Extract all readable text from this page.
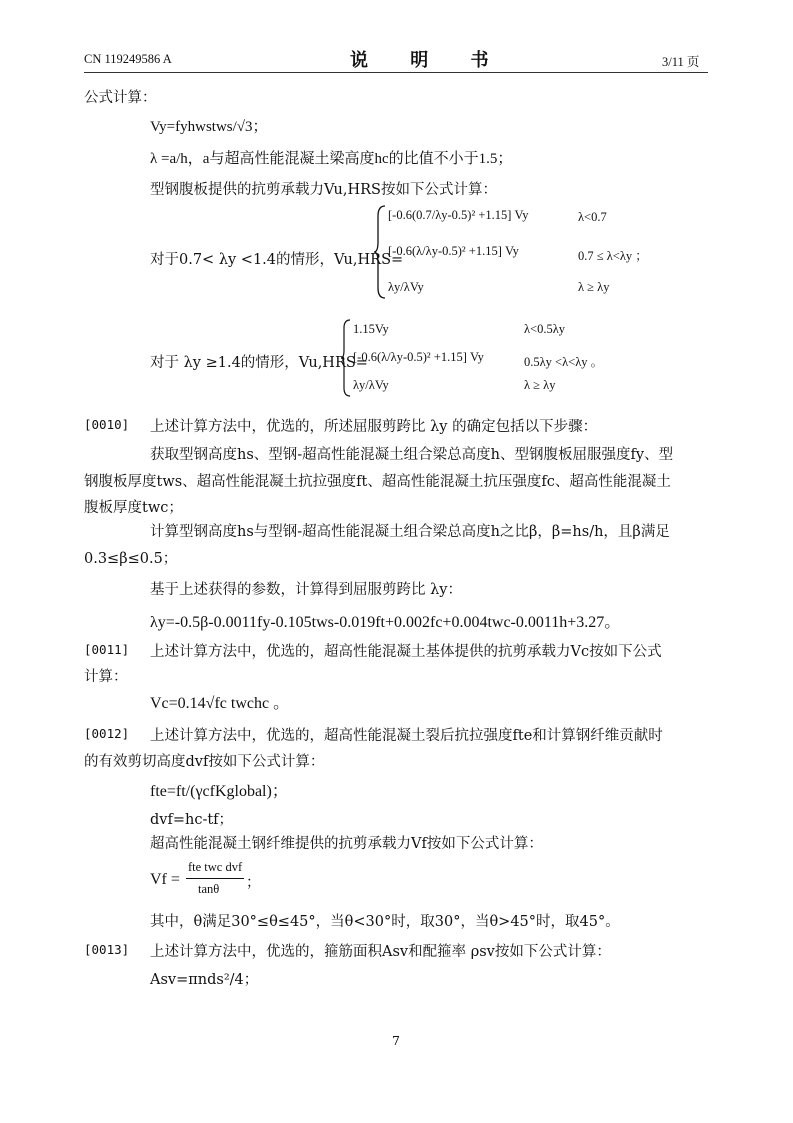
CN 119249586 A	说 明 书	3/11 页
公式计算：
Vy=fyhwstws/√3；
λ =a/h，a与超高性能混凝土梁高度hc的比值不小于1.5；
型钢腹板提供的抗剪承载力Vu,HRS按如下公式计算：
对于0.7< λy <1.4的情形，Vu,HRS=
[-0.6(0.7/λy-0.5)² +1.15] Vy	λ<0.7
[-0.6(λ/λy-0.5)² +1.15] Vy	0.7 ≤ λ<λy ；
λy/λVy	λ ≥ λy
对于 λy ≥1.4的情形，Vu,HRS=
1.15Vy	λ<0.5λy
[-0.6(λ/λy-0.5)² +1.15] Vy	0.5λy <λ<λy 。
λy/λVy	λ ≥ λy
[0010] 上述计算方法中，优选的，所述屈服剪跨比 λy 的确定包括以下步骤：
获取型钢高度hs、型钢-超高性能混凝土组合梁总高度h、型钢腹板屈服强度fy、型
钢腹板厚度tws、超高性能混凝土抗拉强度ft、超高性能混凝土抗压强度fc、超高性能混凝土
腹板厚度twc；
计算型钢高度hs与型钢-超高性能混凝土组合梁总高度h之比β，β=hs/h，且β满足
0.3≤β≤0.5；
基于上述获得的参数，计算得到屈服剪跨比 λy：
λy=-0.5β-0.0011fy-0.105tws-0.019ft+0.002fc+0.004twc-0.0011h+3.27。
[0011] 上述计算方法中，优选的，超高性能混凝土基体提供的抗剪承载力Vc按如下公式
计算：
Vc=0.14√fc twchc 。
[0012] 上述计算方法中，优选的，超高性能混凝土裂后抗拉强度fte和计算钢纤维贡献时
的有效剪切高度dvf按如下公式计算：
fte=ft/(γcfKglobal)；
dvf=hc-tf；
超高性能混凝土钢纤维提供的抗剪承载力Vf按如下公式计算：
Vf =
fte twc dvf
tanθ ；
其中，θ满足30°≤θ≤45°，当θ<30°时，取30°，当θ>45°时，取45°。
[0013] 上述计算方法中，优选的，箍筋面积Asv和配箍率 ρsv按如下公式计算：
Asv=πnds²/4；
7
